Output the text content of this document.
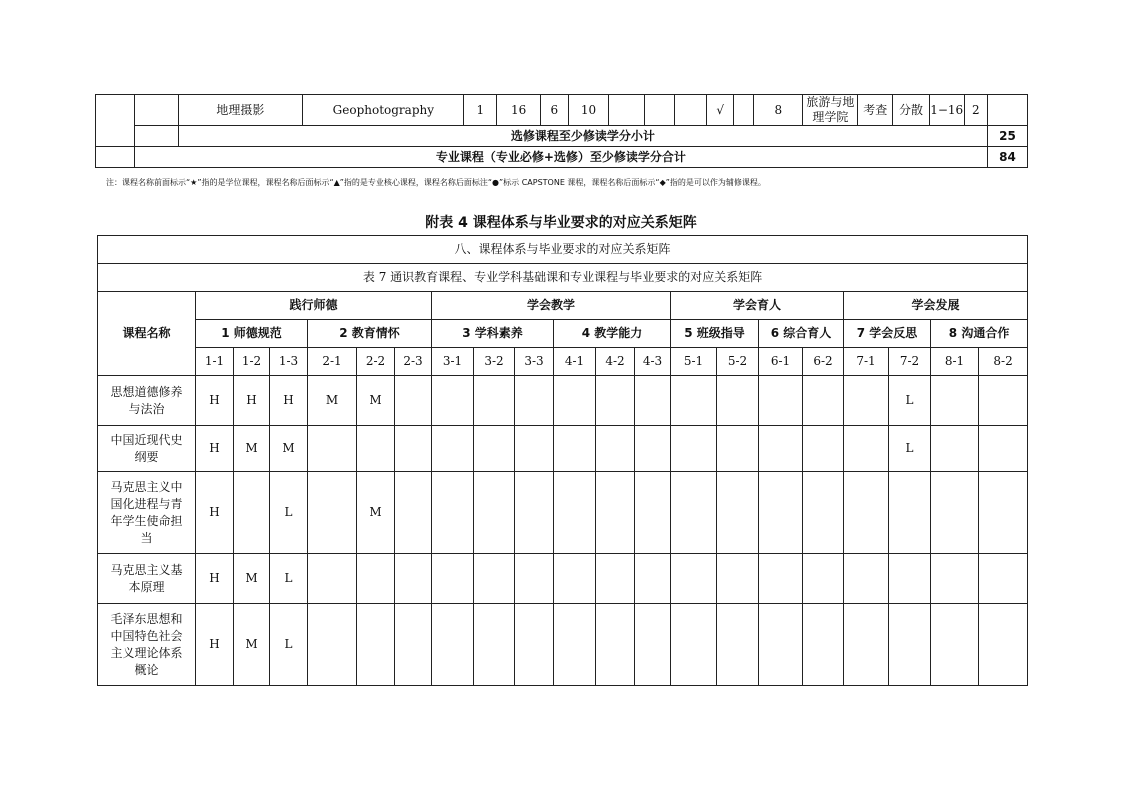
		地理摄影	Geophotography	1	16	6	10				√		8	旅游与地理学院	考查	分散	1−16	2	
		选修课程至少修读学分小计																	25
	专业课程（专业必修+选修）至少修读学分合计																		84
注：课程名称前面标示“★”指的是学位课程，课程名称后面标示“▲”指的是专业核心课程，课程名称后面标注“●”标示 CAPSTONE 课程，课程名称后面标示“◆”指的是可以作为辅修课程。
附表 4 课程体系与毕业要求的对应关系矩阵
八、课程体系与毕业要求的对应关系矩阵																				
表 7 通识教育课程、专业学科基础课和专业课程与毕业要求的对应关系矩阵																				
课程名称	践行师德						学会教学						学会育人				学会发展			
	1 师德规范			2 教育情怀			3 学科素养			4 教学能力			5 班级指导		6 综合育人		7 学会反思		8 沟通合作	
	1-1	1-2	1-3	2-1	2-2	2-3	3-1	3-2	3-3	4-1	4-2	4-3	5-1	5-2	6-1	6-2	7-1	7-2	8-1	8-2
思想道德修养与法治	H	H	H	M	M													L		
中国近现代史纲要	H	M	M															L		
马克思主义中国化进程与青年学生使命担当	H		L		M															
马克思主义基本原理	H	M	L																	
毛泽东思想和中国特色社会主义理论体系概论	H	M	L																	
